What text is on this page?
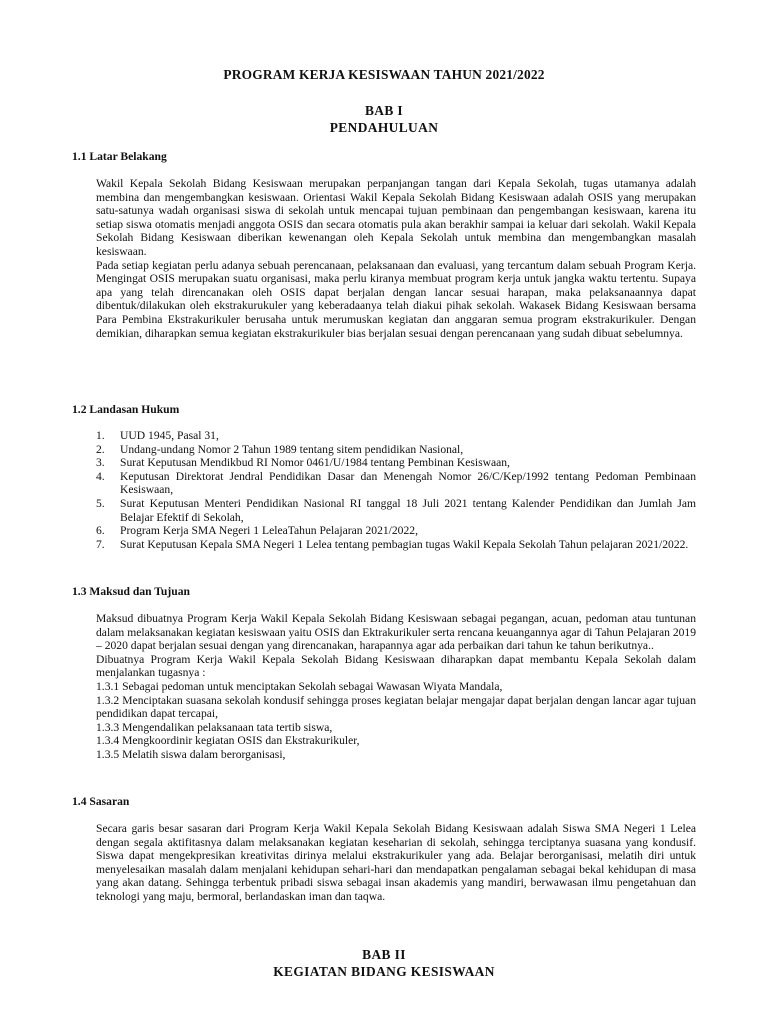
PROGRAM KERJA KESISWAAN TAHUN 2021/2022
BAB I
PENDAHULUAN
1.1 Latar Belakang

Wakil Kepala Sekolah Bidang Kesiswaan merupakan perpanjangan tangan dari Kepala Sekolah, tugas utamanya adalah membina dan mengembangkan kesiswaan. Orientasi Wakil Kepala Sekolah Bidang Kesiswaan adalah OSIS yang merupakan satu-satunya wadah organisasi siswa di sekolah untuk mencapai tujuan pembinaan dan pengembangan kesiswaan, karena itu setiap siswa otomatis menjadi anggota OSIS dan secara otomatis pula akan berakhir sampai ia keluar dari sekolah. Wakil Kepala Sekolah Bidang Kesiswaan diberikan kewenangan oleh Kepala Sekolah untuk membina dan mengembangkan masalah kesiswaan.

Pada setiap kegiatan perlu adanya sebuah perencanaan, pelaksanaan dan evaluasi, yang tercantum dalam sebuah Program Kerja. Mengingat OSIS merupakan suatu organisasi, maka perlu kiranya membuat program kerja untuk jangka waktu tertentu. Supaya apa yang telah direncanakan oleh OSIS dapat berjalan dengan lancar sesuai harapan, maka pelaksanaannya dapat dibentuk/dilakukan oleh ekstrakurukuler yang keberadaanya telah diakui pihak sekolah. Wakasek Bidang Kesiswaan bersama Para Pembina Ekstrakurikuler berusaha untuk merumuskan kegiatan dan anggaran semua program ekstrakurikuler. Dengan demikian, diharapkan semua kegiatan ekstrakurikuler bias berjalan sesuai dengan perencanaan yang sudah dibuat sebelumnya.

1.2 Landasan Hukum
1. UUD 1945, Pasal 31,
2. Undang-undang Nomor 2 Tahun 1989 tentang sitem pendidikan Nasional,
3. Surat Keputusan Mendikbud RI Nomor 0461/U/1984 tentang Pembinan Kesiswaan,
4. Keputusan Direktorat Jendral Pendidikan Dasar dan Menengah Nomor 26/C/Kep/1992 tentang Pedoman Pembinaan Kesiswaan,
5. Surat Keputusan Menteri Pendidikan Nasional RI tanggal 18 Juli 2021 tentang Kalender Pendidikan dan Jumlah Jam Belajar Efektif di Sekolah,
6. Program Kerja SMA Negeri 1 LeleaTahun Pelajaran 2021/2022,
7. Surat Keputusan Kepala SMA Negeri 1 Lelea tentang pembagian tugas Wakil Kepala Sekolah Tahun pelajaran 2021/2022.
1.3 Maksud dan Tujuan

Maksud dibuatnya Program Kerja Wakil Kepala Sekolah Bidang Kesiswaan sebagai pegangan, acuan, pedoman atau tuntunan dalam melaksanakan kegiatan kesiswaan yaitu OSIS dan Ektrakurikuler serta rencana keuangannya agar di Tahun Pelajaran 2019 – 2020 dapat berjalan sesuai dengan yang direncanakan, harapannya agar ada perbaikan dari tahun ke tahun berikutnya..

Dibuatnya Program Kerja Wakil Kepala Sekolah Bidang Kesiswaan diharapkan dapat membantu Kepala Sekolah dalam menjalankan tugasnya :

1.3.1 Sebagai pedoman untuk menciptakan Sekolah sebagai Wawasan Wiyata Mandala,

1.3.2 Menciptakan suasana sekolah kondusif sehingga proses kegiatan belajar mengajar dapat berjalan dengan lancar agar tujuan pendidikan dapat tercapai,

1.3.3 Mengendalikan pelaksanaan tata tertib siswa,

1.3.4 Mengkoordinir kegiatan OSIS dan Ekstrakurikuler,

1.3.5 Melatih siswa dalam berorganisasi,

1.4 Sasaran

Secara garis besar sasaran dari Program Kerja Wakil Kepala Sekolah Bidang Kesiswaan adalah Siswa SMA Negeri 1 Lelea dengan segala aktifitasnya dalam melaksanakan kegiatan keseharian di sekolah, sehingga terciptanya suasana yang kondusif. Siswa dapat mengekpresikan kreativitas dirinya melalui ekstrakurikuler yang ada. Belajar berorganisasi, melatih diri untuk menyelesaikan masalah dalam menjalani kehidupan sehari-hari dan mendapatkan pengalaman sebagai bekal kehidupan di masa yang akan datang. Sehingga terbentuk pribadi siswa sebagai insan akademis yang mandiri, berwawasan ilmu pengetahuan dan teknologi yang maju, bermoral, berlandaskan iman dan taqwa.

BAB II
KEGIATAN BIDANG KESISWAAN
